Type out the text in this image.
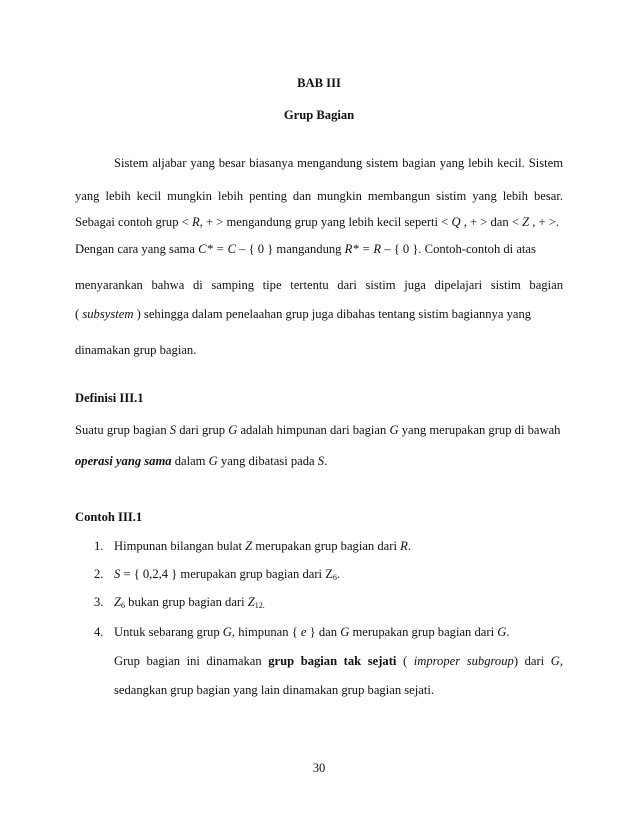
BAB III
Grup Bagian
Sistem aljabar yang besar biasanya mengandung sistem bagian yang lebih kecil. Sistem
yang lebih kecil mungkin lebih penting dan mungkin membangun sistim yang lebih besar.
Sebagai contoh grup < R, + > mengandung grup yang lebih kecil seperti < Q , + > dan < Z , + >.
Dengan cara yang sama C* = C – { 0 } mangandung R* = R – { 0 }. Contoh-contoh di atas
menyarankan bahwa di samping tipe tertentu dari sistim juga dipelajari sistim bagian
( subsystem ) sehingga dalam penelaahan grup juga dibahas tentang sistim bagiannya yang
dinamakan grup bagian.
Definisi III.1
Suatu grup bagian S dari grup G adalah himpunan dari bagian G yang merupakan grup di bawah
operasi yang sama dalam G yang dibatasi pada S.
Contoh III.1
1. Himpunan bilangan bulat Z merupakan grup bagian dari R.
2. S = { 0,2,4 } merupakan grup bagian dari $Z_6$.
3. $Z_6$ bukan grup bagian dari $Z_{12.}$
4. Untuk sebarang grup G, himpunan { e } dan G merupakan grup bagian dari G.
Grup bagian ini dinamakan grup bagian tak sejati ( improper subgroup) dari G,
sedangkan grup bagian yang lain dinamakan grup bagian sejati.
30
